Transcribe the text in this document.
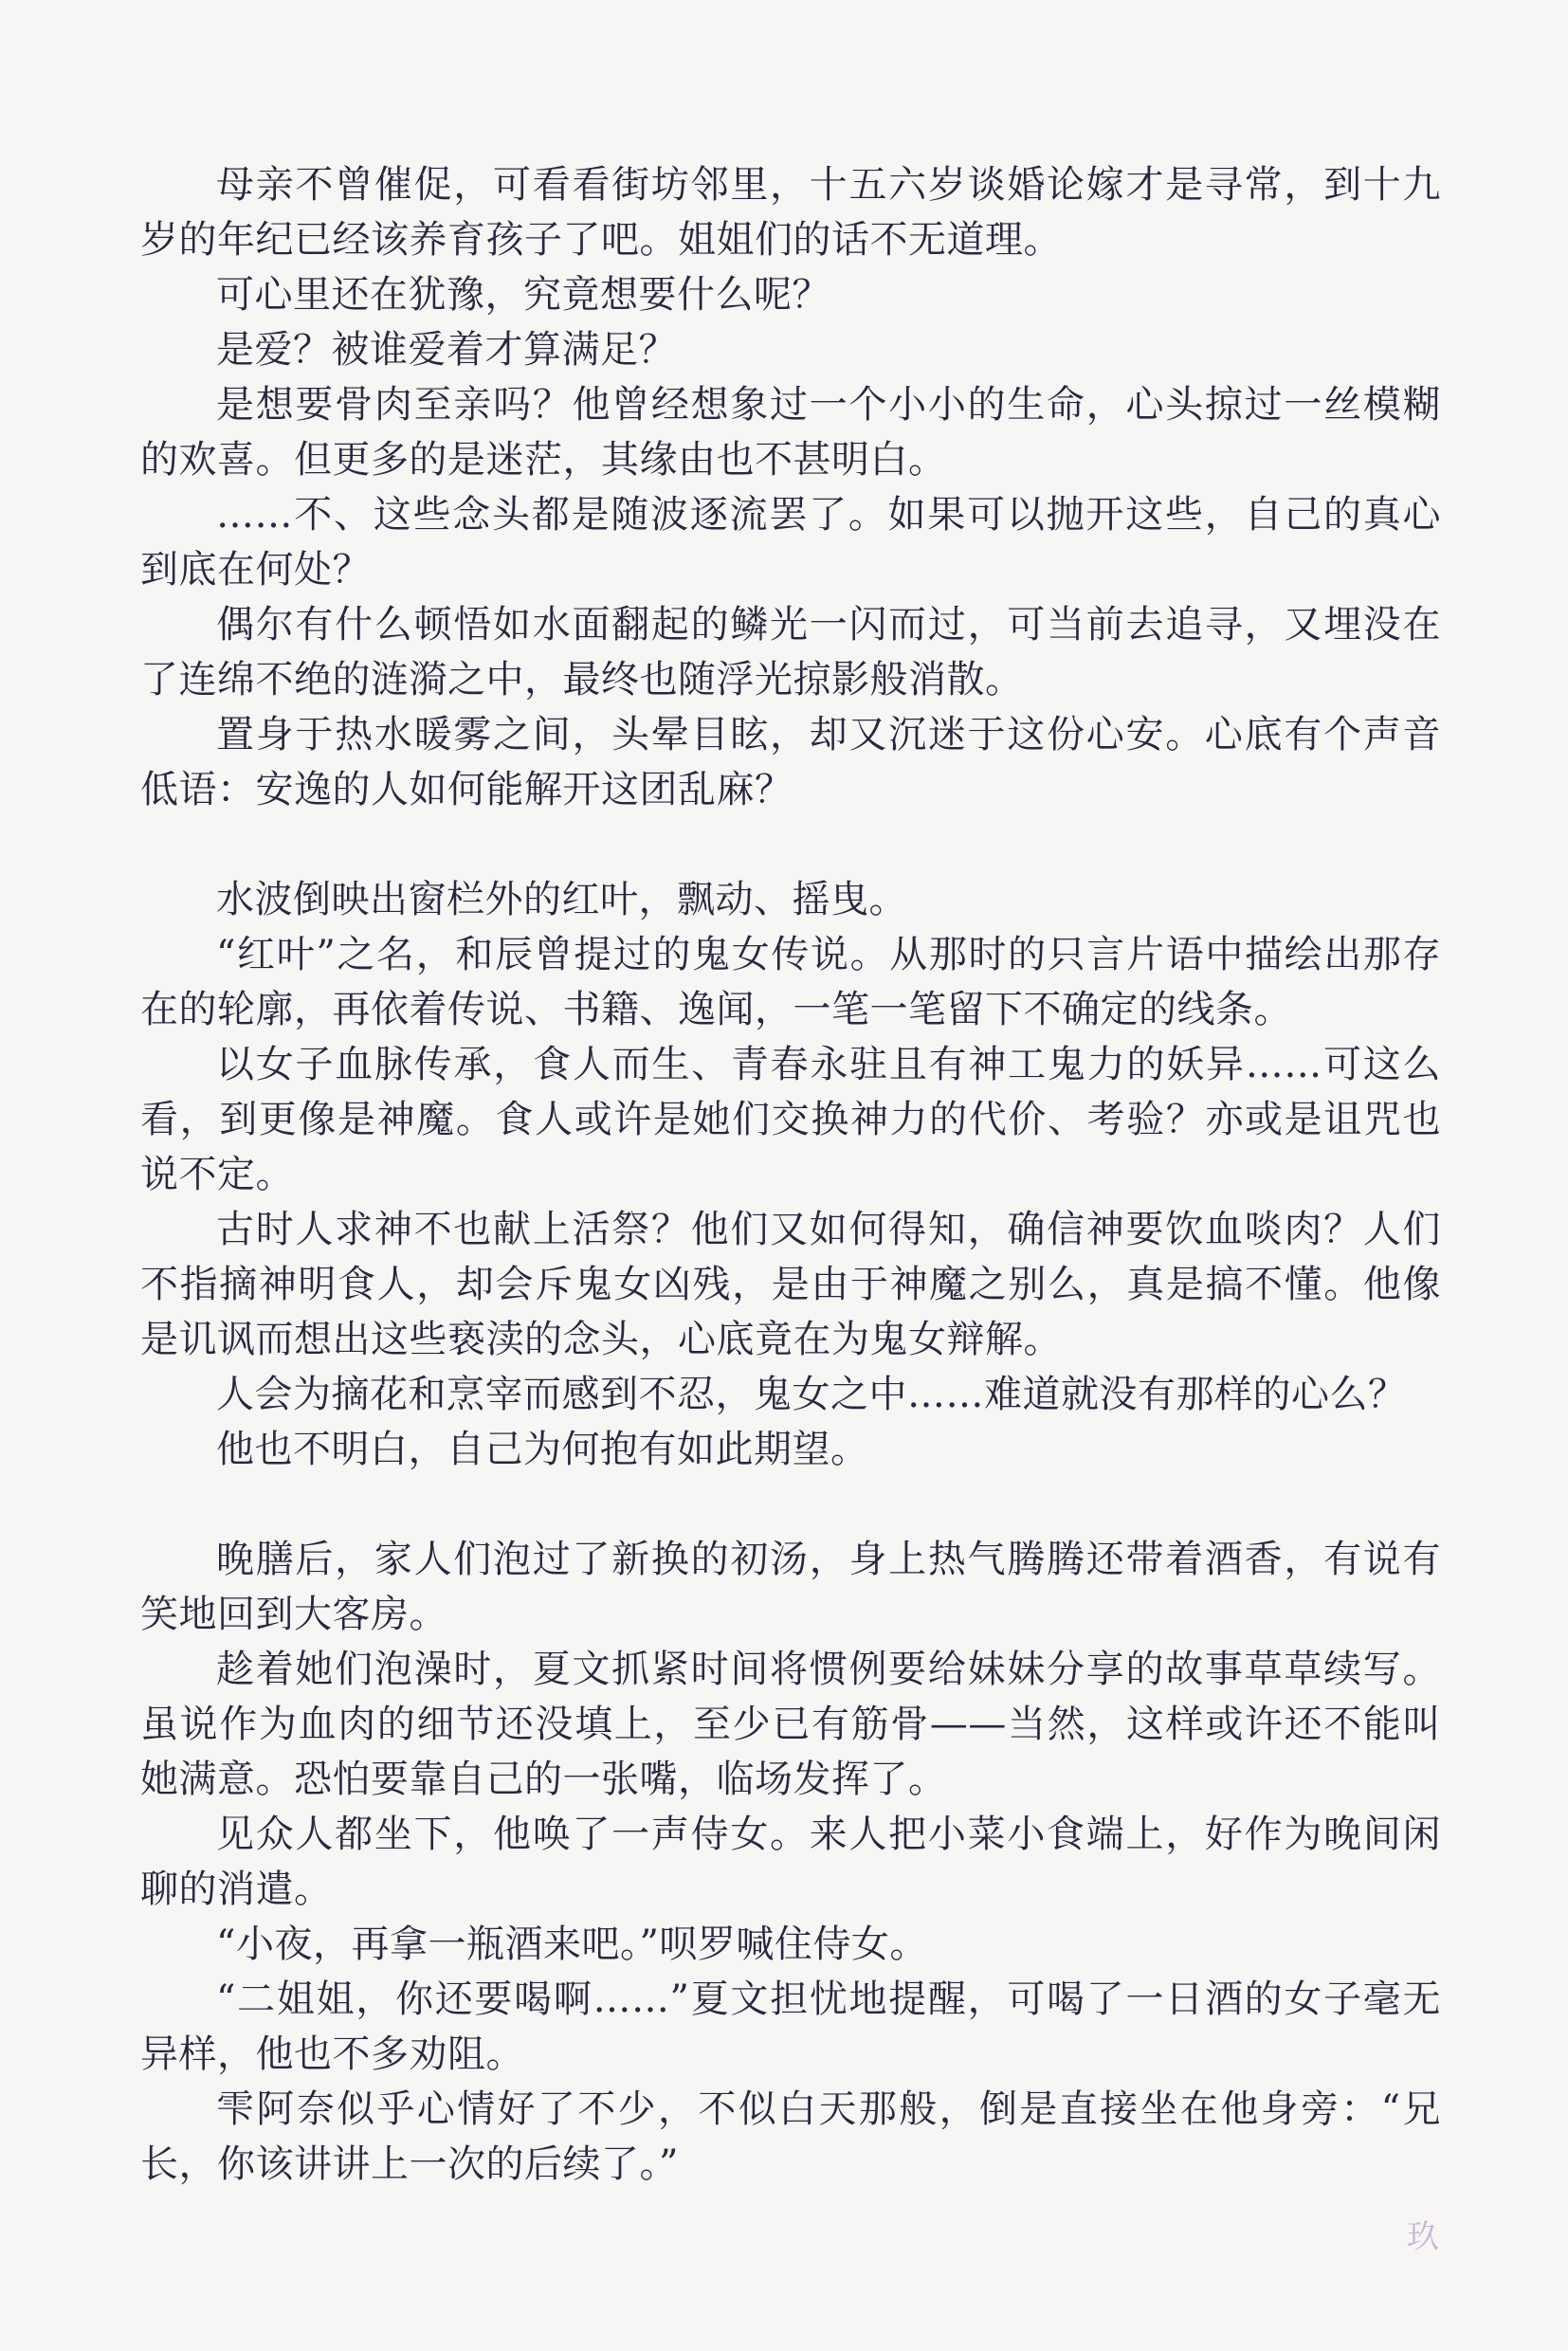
母亲不曾催促，可看看街坊邻里，十五六岁谈婚论嫁才是寻常，到十九岁的年纪已经该养育孩子了吧。姐姐们的话不无道理。

可心里还在犹豫，究竟想要什么呢？

是爱？被谁爱着才算满足？

是想要骨肉至亲吗？他曾经想象过一个小小的生命，心头掠过一丝模糊的欢喜。但更多的是迷茫，其缘由也不甚明白。

……不、这些念头都是随波逐流罢了。如果可以抛开这些，自己的真心到底在何处？

偶尔有什么顿悟如水面翻起的鳞光一闪而过，可当前去追寻，又埋没在了连绵不绝的涟漪之中，最终也随浮光掠影般消散。

置身于热水暖雾之间，头晕目眩，却又沉迷于这份心安。心底有个声音低语：安逸的人如何能解开这团乱麻？

水波倒映出窗栏外的红叶，飘动、摇曳。

“红叶”之名，和辰曾提过的鬼女传说。从那时的只言片语中描绘出那存在的轮廓，再依着传说、书籍、逸闻，一笔一笔留下不确定的线条。

以女子血脉传承，食人而生、青春永驻且有神工鬼力的妖异……可这么看，到更像是神魔。食人或许是她们交换神力的代价、考验？亦或是诅咒也说不定。

古时人求神不也献上活祭？他们又如何得知，确信神要饮血啖肉？人们不指摘神明食人，却会斥鬼女凶残，是由于神魔之别么，真是搞不懂。他像是讥讽而想出这些亵渎的念头，心底竟在为鬼女辩解。

人会为摘花和烹宰而感到不忍，鬼女之中……难道就没有那样的心么？

他也不明白，自己为何抱有如此期望。

晚膳后，家人们泡过了新换的初汤，身上热气腾腾还带着酒香，有说有笑地回到大客房。

趁着她们泡澡时，夏文抓紧时间将惯例要给妹妹分享的故事草草续写。虽说作为血肉的细节还没填上，至少已有筋骨——当然，这样或许还不能叫她满意。恐怕要靠自己的一张嘴，临场发挥了。

见众人都坐下，他唤了一声侍女。来人把小菜小食端上，好作为晚间闲聊的消遣。

“小夜，再拿一瓶酒来吧。”呗罗喊住侍女。

“二姐姐，你还要喝啊……”夏文担忧地提醒，可喝了一日酒的女子毫无异样，他也不多劝阻。

雫阿奈似乎心情好了不少，不似白天那般，倒是直接坐在他身旁：“兄长，你该讲讲上一次的后续了。”

玖
